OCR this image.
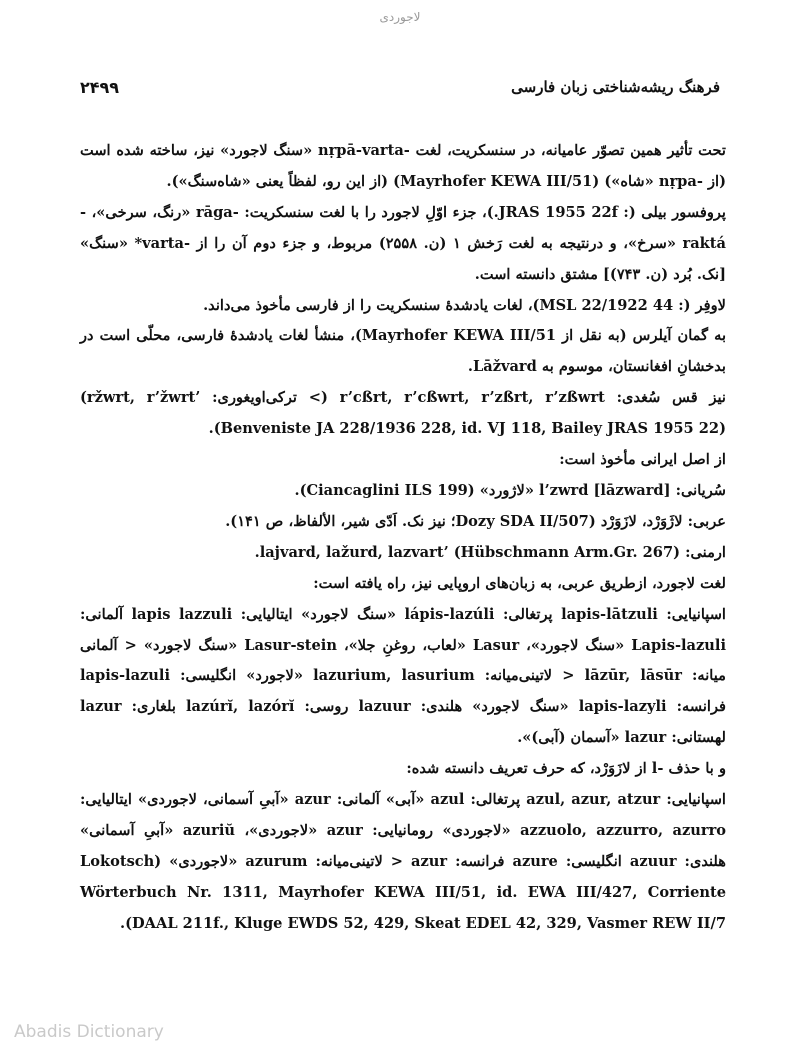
لاجوردی
۲۴۹۹	فرهنگ ریشه‌شناختی زبان فارسی

تحت تأثیر همین تصوّر عامیانه، در سنسکریت، لغت -nṛpā-varta «سنگ لاجورد» نیز، ساخته شده است (از -nṛpa «شاه») (Mayrhofer KEWA III/51) (از این رو، لفظاً یعنی «شاه‌سنگ»).

پروفسور بیلی (: JRAS 1955 22f.)، جزء اوّلِ لاجورد را با لغت سنسکریت: -rāga «رنگ، سرخی»، -raktá «سرخ»، و درنتیجه به لغت رَخش ۱ (ن. ۲۵۵۸) مربوط، و جزء دوم آن را از -varta* «سنگ» [نک. بُرد (ن. ۷۴۳)] مشتق دانسته است.

لاوفِر (: MSL 22/1922 44)، لغات یادشدهٔ سنسکریت را از فارسی مأخوذ می‌داند.

به گمان آیلرس (به نقل از Mayrhofer KEWA III/51)، منشأ لغات یادشدهٔ فارسی، محلّی است در بدخشانِ افغانستان، موسوم به Lāžvard.

نیز قس سُغدی: r’cßrt, r’cßwrt, r’zßrt, r’zßwrt (> ترکی‌اویغوری: ’ržwrt, r’žwrt) (Benveniste JA 228/1936 228, id. VJ 118, Bailey JRAS 1955 22).

از اصل ایرانی مأخوذ است:

سُریانی: l’zwrd [lāzward] «لاژورد» (Ciancaglini ILS 199).

عربی: لاژَوَرْد، لازَوَرْد (Dozy SDA II/507؛ نیز نک. اَدّی شیر، الألفاظ، ص ۱۴۱).

ارمنی: lajvard, lažurd, lazvart’ (Hübschmann Arm.Gr. 267).

لغت لاجورد، ازطریق عربی، به زبان‌های اروپایی نیز، راه یافته است:

اسپانیایی: lapis-lātzuli پرتغالی: lápis-lazúli «سنگ لاجورد» ایتالیایی: lapis lazzuli آلمانی: Lapis-lazuli «سنگ لاجورد»، Lasur «لعاب، روغنِ جلا»، Lasur-stein «سنگ لاجورد» < آلمانی میانه: lāzūr, lāsūr < لاتینی‌میانه: lazurium, lasurium «لاجورد» انگلیسی: lapis-lazuli فرانسه: lapis-lazyli «سنگ لاجورد» هلندی: lazuur روسی: lazúrĭ, lazórĭ بلغاری: lazur لهستانی: lazur «آسمان (آبی)».

و با حذف -l از لازَوَرْد، که حرف تعریف دانسته شده:

اسپانیایی: azul, azur, atzur پرتغالی: azul «آبی» آلمانی: azur «آبیِ آسمانی، لاجوردی» ایتالیایی: azzuolo, azzurro, azurro «لاجوردی» رومانیایی: azur «لاجوردی»، azuriŭ «آبیِ آسمانی» هلندی: azuur انگلیسی: azure فرانسه: azur < لاتینی‌میانه: azurum «لاجوردی» (Lokotsch Wörterbuch Nr. 1311, Mayrhofer KEWA III/51, id. EWA III/427, Corriente DAAL 211f., Kluge EWDS 52, 429, Skeat EDEL 42, 329, Vasmer REW II/7).

Abadis Dictionary
